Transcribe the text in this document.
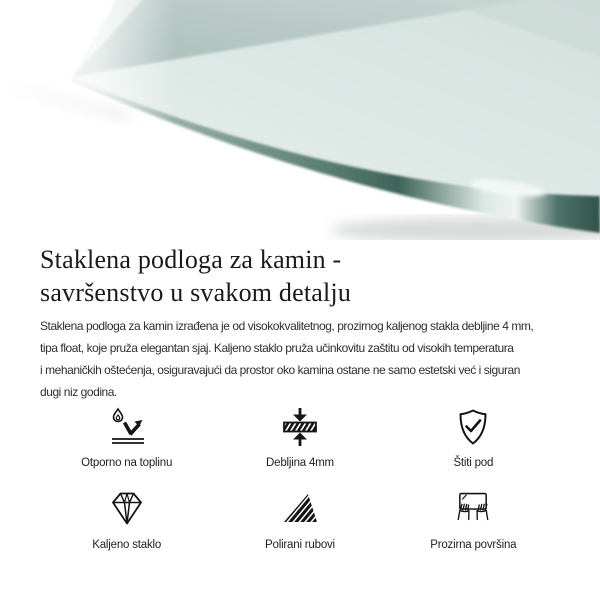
Staklena podloga za kamin -
savršenstvo u svakom detalju
Staklena podloga za kamin izrađena je od visokokvalitetnog, prozirnog kaljenog stakla debljine 4 mm,
tipa float, koje pruža elegantan sjaj. Kaljeno staklo pruža učinkovitu zaštitu od visokih temperatura
i mehaničkih oštećenja, osiguravajući da prostor oko kamina ostane ne samo estetski već i siguran
dugi niz godina.
Otporno na toplinu	Debljina 4mm	Štiti pod
Kaljeno staklo	Polirani rubovi	Prozirna površina
